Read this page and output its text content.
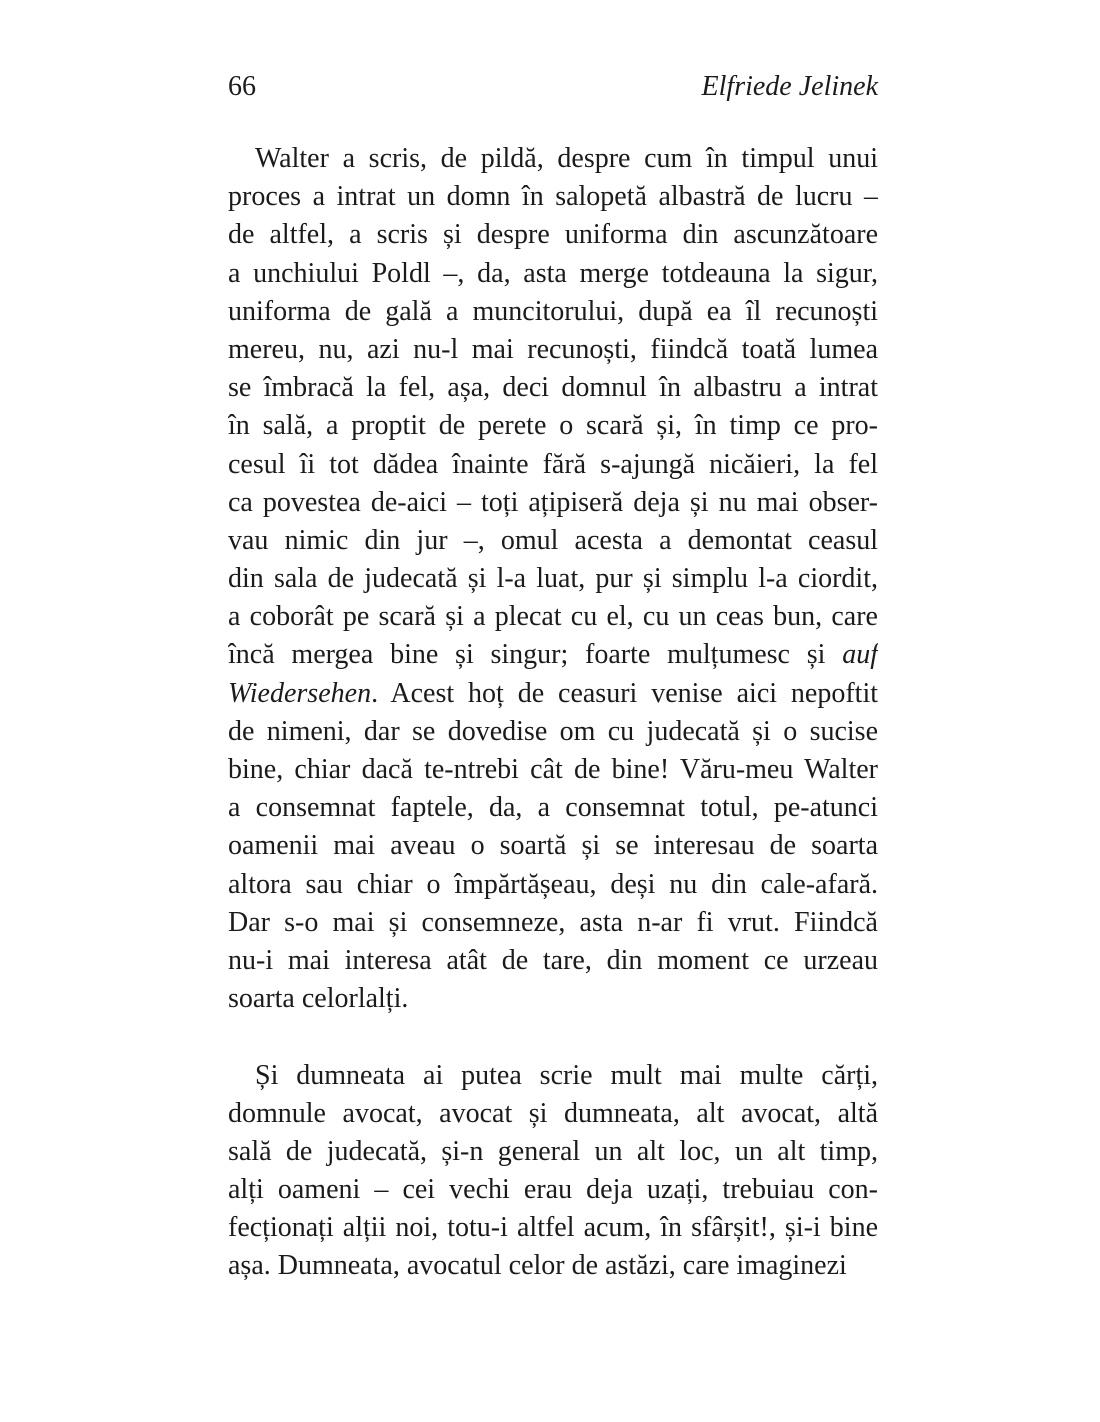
66	Elfriede Jelinek
Walter a scris, de pildă, despre cum în timpul unui
proces a intrat un domn în salopetă albastră de lucru –
de altfel, a scris și despre uniforma din ascunzătoare
a unchiului Poldl –, da, asta merge totdeauna la sigur,
uniforma de gală a muncitorului, după ea îl recunoști
mereu, nu, azi nu-l mai recunoști, fiindcă toată lumea
se îmbracă la fel, așa, deci domnul în albastru a intrat
în sală, a proptit de perete o scară și, în timp ce pro-
cesul îi tot dădea înainte fără s-ajungă nicăieri, la fel
ca povestea de-aici – toți ațipiseră deja și nu mai obser-
vau nimic din jur –, omul acesta a demontat ceasul
din sala de judecată și l-a luat, pur și simplu l-a ciordit,
a coborât pe scară și a plecat cu el, cu un ceas bun, care
încă mergea bine și singur; foarte mulțumesc și auf
Wiedersehen. Acest hoț de ceasuri venise aici nepoftit
de nimeni, dar se dovedise om cu judecată și o sucise
bine, chiar dacă te-ntrebi cât de bine! Văru-meu Walter
a consemnat faptele, da, a consemnat totul, pe-atunci
oamenii mai aveau o soartă și se interesau de soarta
altora sau chiar o împărtășeau, deși nu din cale-afară.
Dar s-o mai și consemneze, asta n-ar fi vrut. Fiindcă
nu-i mai interesa atât de tare, din moment ce urzeau
soarta celorlalți.
Și dumneata ai putea scrie mult mai multe cărți,
domnule avocat, avocat și dumneata, alt avocat, altă
sală de judecată, și-n general un alt loc, un alt timp,
alți oameni – cei vechi erau deja uzați, trebuiau con-
fecționați alții noi, totu-i altfel acum, în sfârșit!, și-i bine
așa. Dumneata, avocatul celor de astăzi, care imaginezi
